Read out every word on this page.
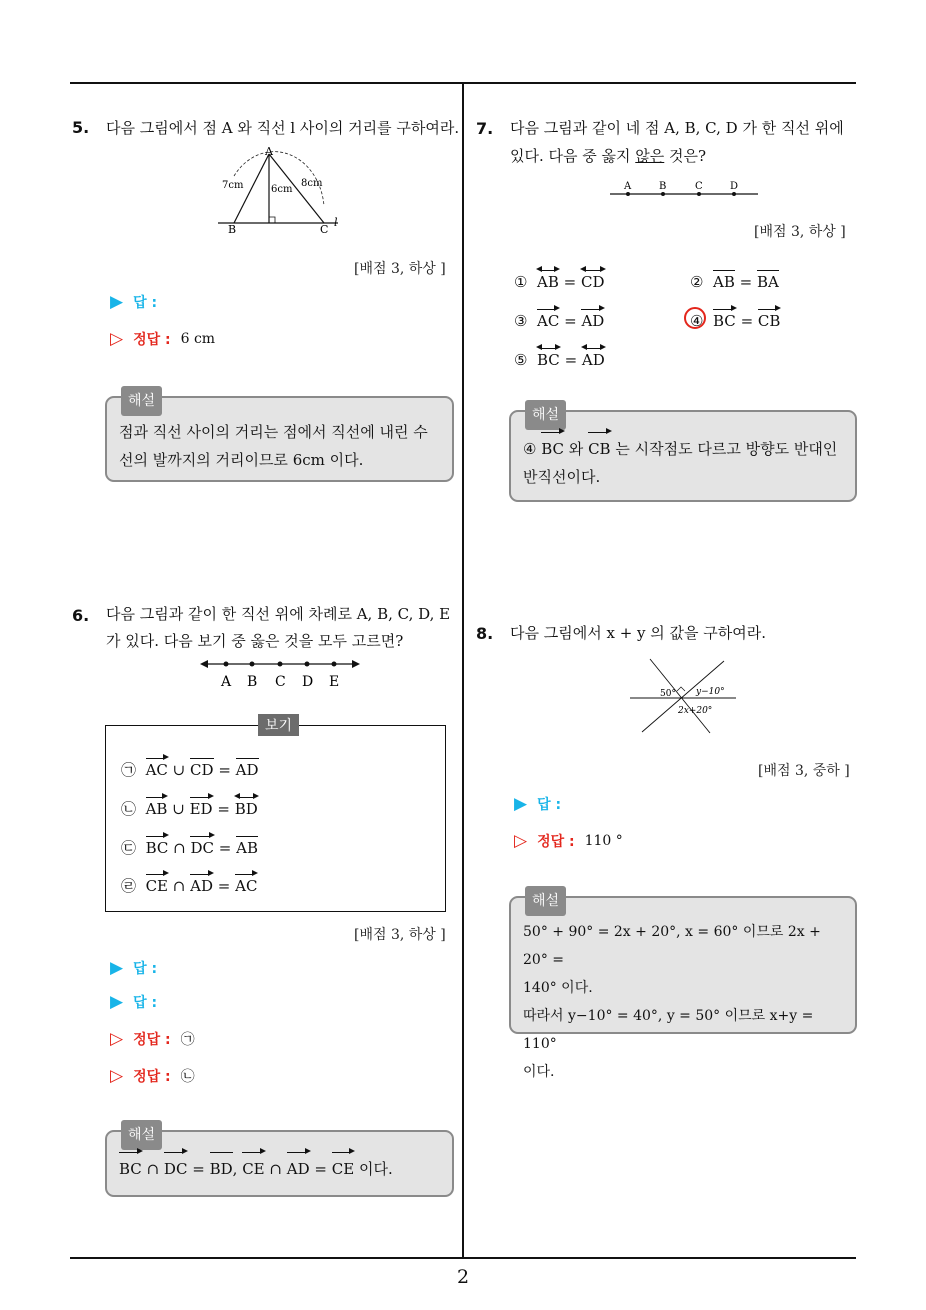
5. 다음 그림에서 점 A 와 직선 l 사이의 거리를 구하여라.
A
B	C
l
7cm	6cm
8cm
[배점 3, 하상 ]
▶ 답 :
▷ 정답 : 6 cm
해설
점과 직선 사이의 거리는 점에서 직선에 내린 수선의 발까지의 거리이므로 6cm 이다.
6. 다음 그림과 같이 한 직선 위에 차례로 A, B, C, D, E
가 있다. 다음 보기 중 옳은 것을 모두 고르면?
A B C D E
보기
㉠ AC ∪ CD = AD
㉡ AB ∪ ED = BD
㉢ BC ∩ DC = AB
㉣ CE ∩ AD = AC
[배점 3, 하상 ]
▶ 답 :
▶ 답 :
▷ 정답 : ㉠
▷ 정답 : ㉡
해설
BC ∩ DC = BD, CE ∩ AD = CE 이다.
7. 다음 그림과 같이 네 점 A, B, C, D 가 한 직선 위에
있다. 다음 중 옳지 않은 것은?
A	B	C	D
[배점 3, 하상 ]
① AB = CD	② AB = BA
③ AC = AD	④ BC = CB
⑤ BC = AD
해설
④ BC 와 CB 는 시작점도 다르고 방향도 반대인
반직선이다.
8. 다음 그림에서 x + y 의 값을 구하여라.
50° y−10°
2x+20°
[배점 3, 중하 ]
▶ 답 :
▷ 정답 : 110 °
해설
50° + 90° = 2x + 20°, x = 60° 이므로 2x + 20° =
140° 이다.
따라서 y−10° = 40°, y = 50° 이므로 x+y = 110°
이다.
2
